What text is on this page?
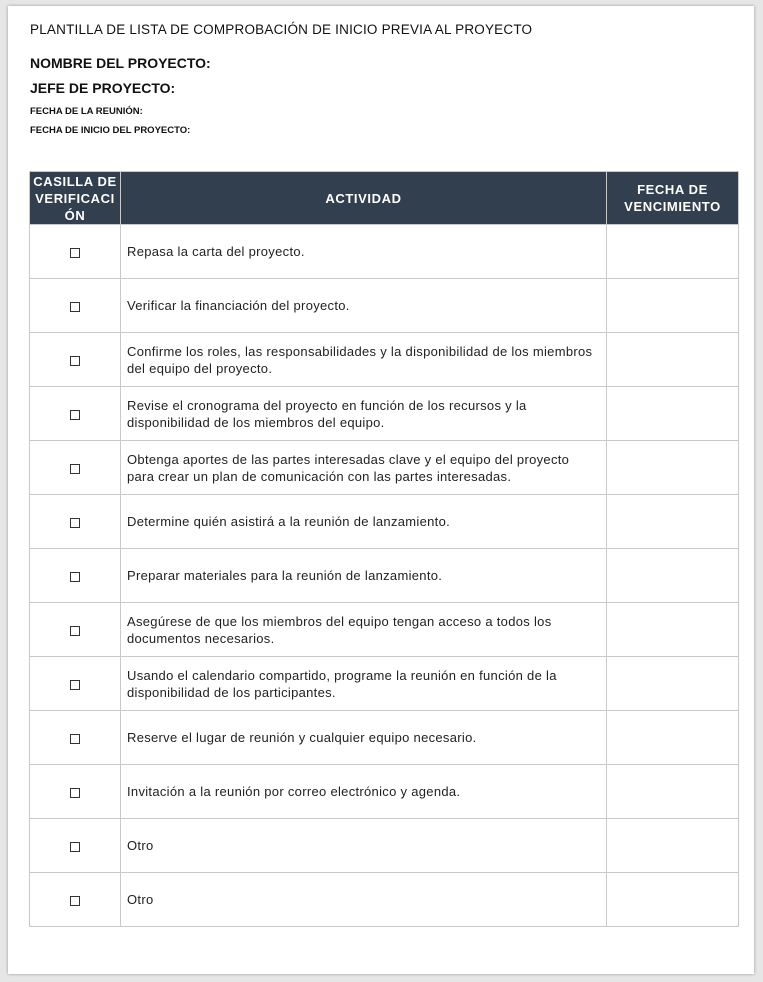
PLANTILLA DE LISTA DE COMPROBACIÓN DE INICIO PREVIA AL PROYECTO
NOMBRE DEL PROYECTO:
JEFE DE PROYECTO:
FECHA DE LA REUNIÓN:
FECHA DE INICIO DEL PROYECTO:
CASILLA DE VERIFICACIÓN	ACTIVIDAD	FECHA DE VENCIMIENTO
	Repasa la carta del proyecto.	
	Verificar la financiación del proyecto.	
	Confirme los roles, las responsabilidades y la disponibilidad de los miembros del equipo del proyecto.	
	Revise el cronograma del proyecto en función de los recursos y la disponibilidad de los miembros del equipo.	
	Obtenga aportes de las partes interesadas clave y el equipo del proyecto para crear un plan de comunicación con las partes interesadas.	
	Determine quién asistirá a la reunión de lanzamiento.	
	Preparar materiales para la reunión de lanzamiento.	
	Asegúrese de que los miembros del equipo tengan acceso a todos los documentos necesarios.	
	Usando el calendario compartido, programe la reunión en función de la disponibilidad de los participantes.	
	Reserve el lugar de reunión y cualquier equipo necesario.	
	Invitación a la reunión por correo electrónico y agenda.	
	Otro	
	Otro	
